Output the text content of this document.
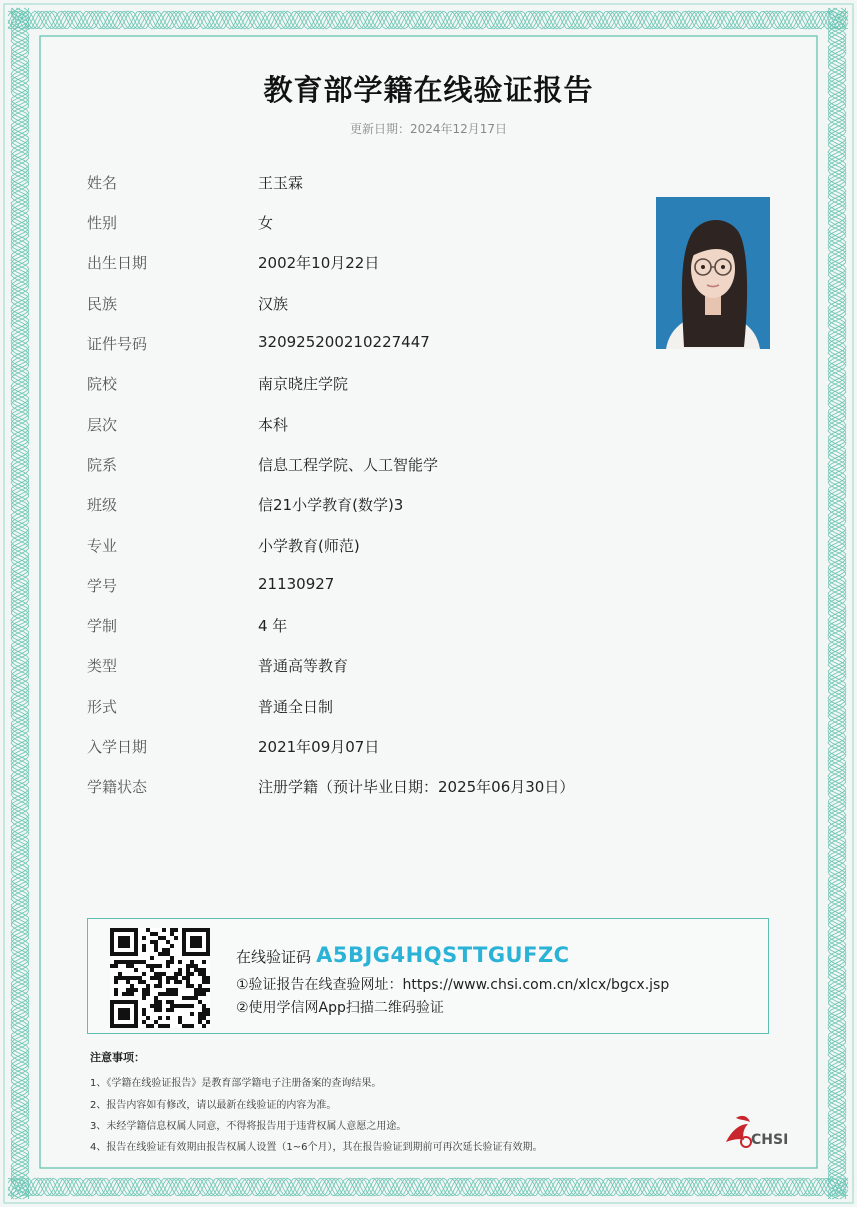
教育部学籍在线验证报告
更新日期：2024年12月17日
姓名	王玉霖
性别	女
出生日期	2002年10月22日
民族	汉族
证件号码	320925200210227447
院校	南京晓庄学院
层次	本科
院系	信息工程学院、人工智能学
班级	信21小学教育(数学)3
专业	小学教育(师范)
学号	21130927
学制	4 年
类型	普通高等教育
形式	普通全日制
入学日期	2021年09月07日
学籍状态	注册学籍（预计毕业日期：2025年06月30日）
在线验证码 A5BJG4HQSTTGUFZC
①验证报告在线查验网址：https://www.chsi.com.cn/xlcx/bgcx.jsp
②使用学信网App扫描二维码验证
注意事项：
1、《学籍在线验证报告》是教育部学籍电子注册备案的查询结果。
2、报告内容如有修改，请以最新在线验证的内容为准。
3、未经学籍信息权属人同意，不得将报告用于违背权属人意愿之用途。
4、报告在线验证有效期由报告权属人设置（1~6个月），其在报告验证到期前可再次延长验证有效期。	CHSI
